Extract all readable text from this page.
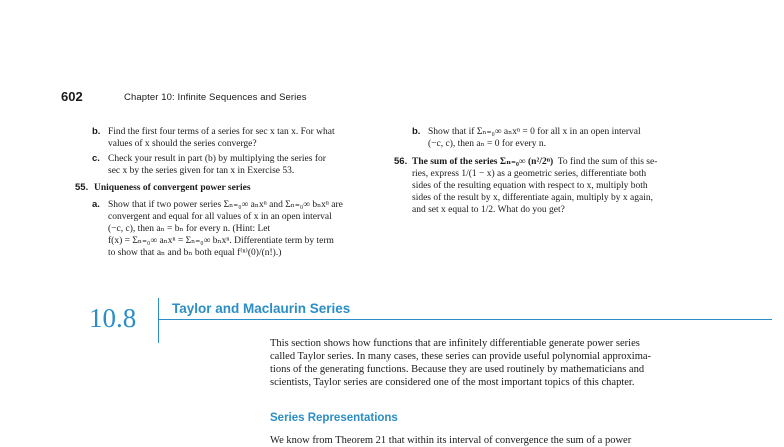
602	Chapter 10: Infinite Sequences and Series
b. Find the first four terms of a series for sec x tan x. For what

values of x should the series converge?

c. Check your result in part (b) by multiplying the series for

sec x by the series given for tan x in Exercise 53.

55. Uniqueness of convergent power series
a. Show that if two power series Σₙ₌₀∞ aₙxⁿ and Σₙ₌₀∞ bₙxⁿ are

convergent and equal for all values of x in an open interval

(−c, c), then aₙ = bₙ for every n. (Hint: Let

f(x) = Σₙ₌₀∞ aₙxⁿ = Σₙ₌₀∞ bₙxⁿ. Differentiate term by term

to show that aₙ and bₙ both equal f⁽ⁿ⁾(0)/(n!).)

b. Show that if Σₙ₌₀∞ aₙxⁿ = 0 for all x in an open interval

(−c, c), then aₙ = 0 for every n.

56. The sum of the series Σₙ₌₀∞ (n²/2ⁿ) To find the sum of this se-

ries, express 1/(1 − x) as a geometric series, differentiate both

sides of the resulting equation with respect to x, multiply both

sides of the result by x, differentiate again, multiply by x again,

and set x equal to 1/2. What do you get?

10.8	Taylor and Maclaurin Series
This section shows how functions that are infinitely differentiable generate power series
called Taylor series. In many cases, these series can provide useful polynomial approxima-
tions of the generating functions. Because they are used routinely by mathematicians and
scientists, Taylor series are considered one of the most important topics of this chapter.
Series Representations
We know from Theorem 21 that within its interval of convergence the sum of a power
